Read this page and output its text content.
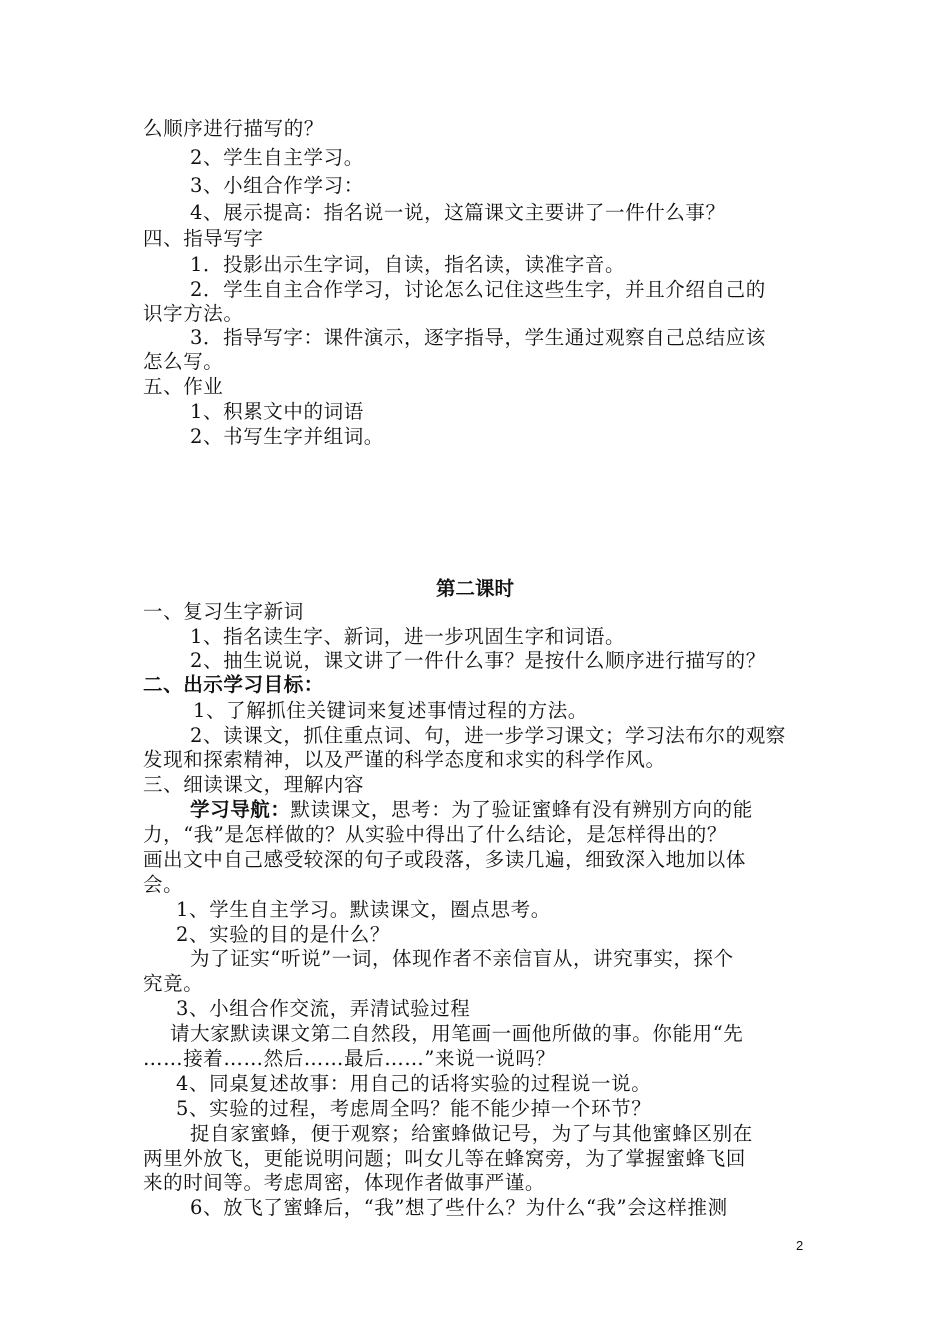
么顺序进行描写的？
2、学生自主学习。
3、小组合作学习：
4、展示提高：指名说一说，这篇课文主要讲了一件什么事？
四、指导写字
1．投影出示生字词，自读，指名读，读准字音。
2．学生自主合作学习，讨论怎么记住这些生字，并且介绍自己的
识字方法。
3．指导写字：课件演示，逐字指导，学生通过观察自己总结应该
怎么写。
五、作业
1、积累文中的词语
2、书写生字并组词。
第二课时
一、复习生字新词
1、指名读生字、新词，进一步巩固生字和词语。
2、抽生说说，课文讲了一件什么事？是按什么顺序进行描写的？
二、出示学习目标：
1、了解抓住关键词来复述事情过程的方法。
2、读课文，抓住重点词、句，进一步学习课文；学习法布尔的观察
发现和探索精神，以及严谨的科学态度和求实的科学作风。
三、细读课文，理解内容
学习导航：默读课文，思考：为了验证蜜蜂有没有辨别方向的能
力，“我”是怎样做的？从实验中得出了什么结论，是怎样得出的？
画出文中自己感受较深的句子或段落，多读几遍，细致深入地加以体
会。
1、学生自主学习。默读课文，圈点思考。
2、实验的目的是什么？
为了证实“听说”一词，体现作者不亲信盲从，讲究事实，探个
究竟。
3、小组合作交流，弄清试验过程
请大家默读课文第二自然段，用笔画一画他所做的事。你能用“先
……接着……然后……最后……”来说一说吗？
4、同桌复述故事：用自己的话将实验的过程说一说。
5、实验的过程，考虑周全吗？能不能少掉一个环节？
捉自家蜜蜂，便于观察；给蜜蜂做记号，为了与其他蜜蜂区别在
两里外放飞，更能说明问题；叫女儿等在蜂窝旁，为了掌握蜜蜂飞回
来的时间等。考虑周密，体现作者做事严谨。
6、放飞了蜜蜂后，“我”想了些什么？为什么“我”会这样推测
2
